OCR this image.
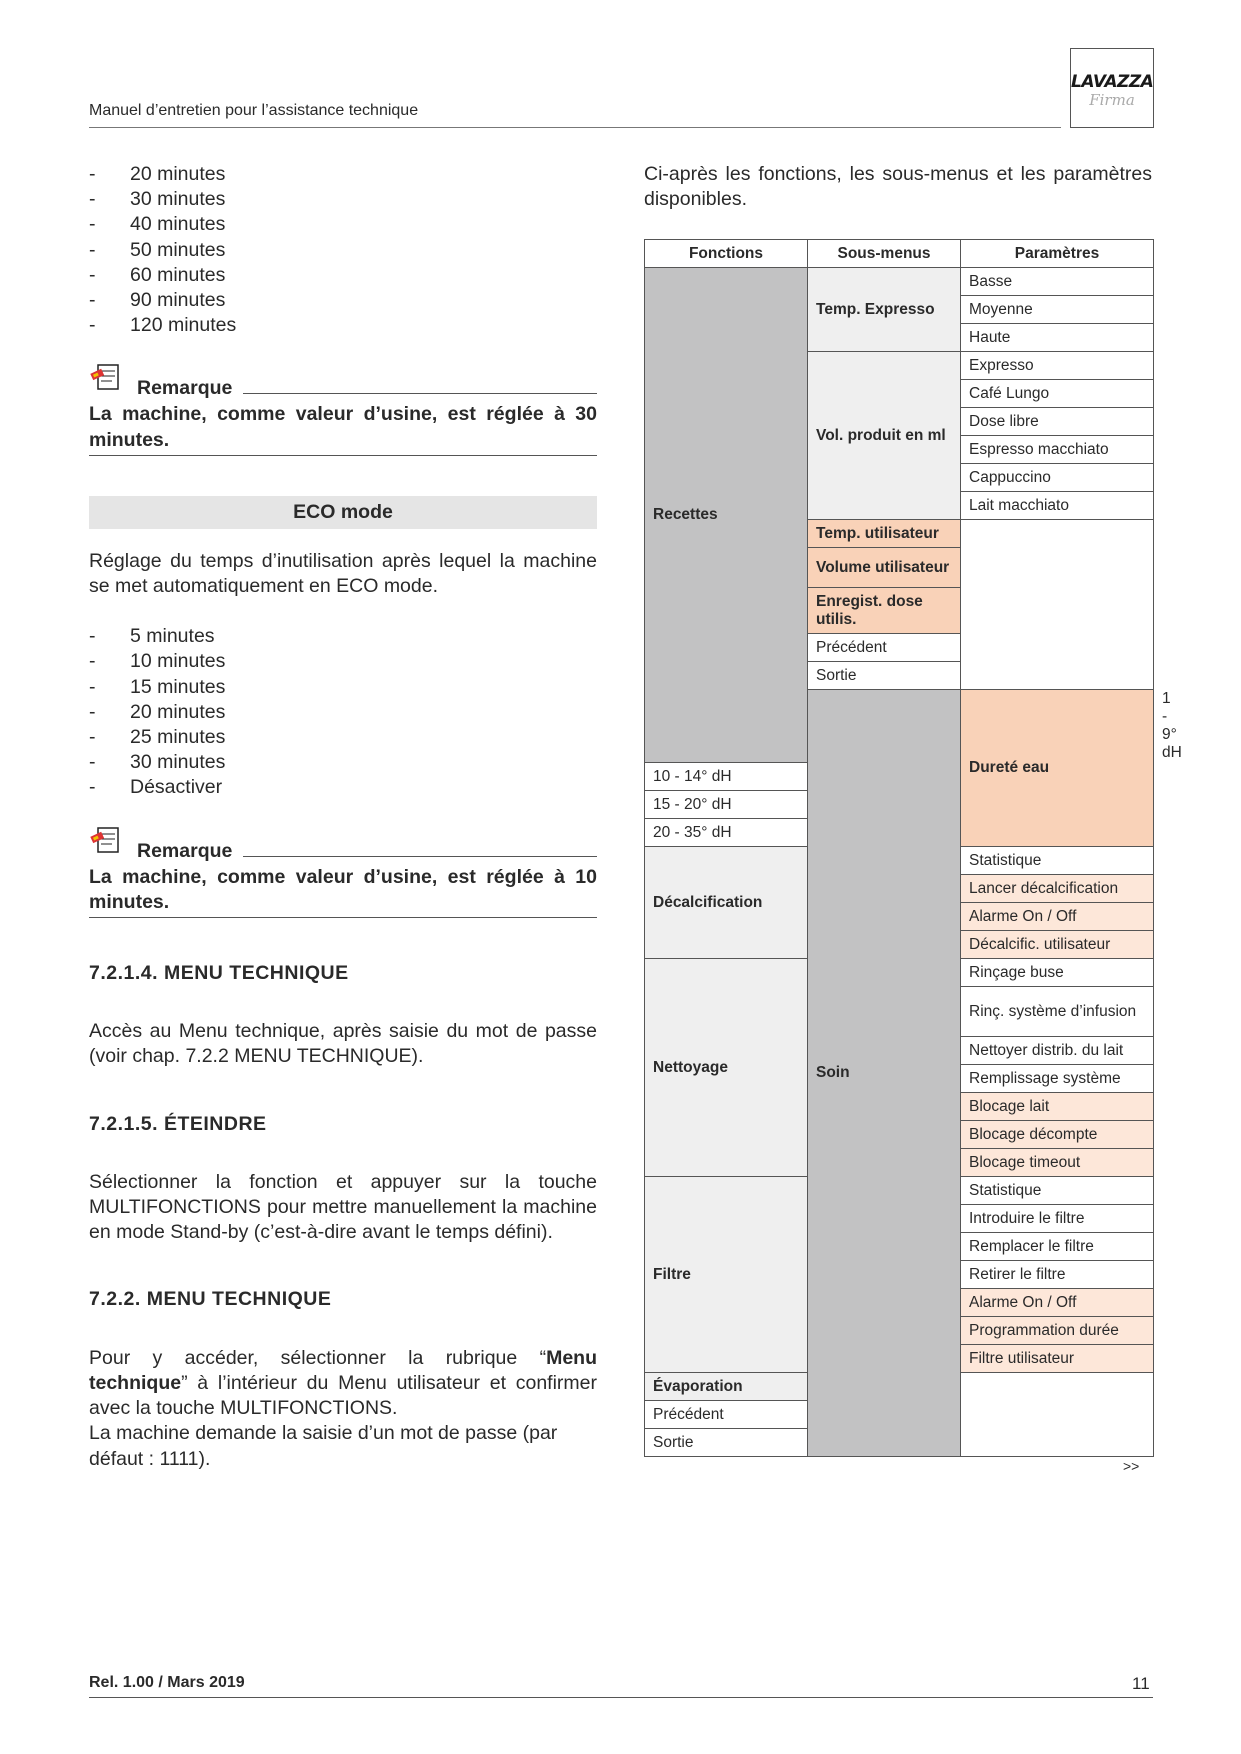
Manuel d’entretien pour l’assistance technique
LAVAZZA
Firma
-	20 minutes
-	30 minutes
-	40 minutes
-	50 minutes
-	60 minutes
-	90 minutes
-	120 minutes
Remarque
La machine, comme valeur d’usine, est réglée à 30 minutes.
ECO mode
Réglage du temps d’inutilisation après lequel la machine se met automatiquement en ECO mode.
-	5 minutes
-	10 minutes
-	15 minutes
-	20 minutes
-	25 minutes
-	30 minutes
-	Désactiver
Remarque
La machine, comme valeur d’usine, est réglée à 10 minutes.
7.2.1.4. MENU TECHNIQUE
Accès au Menu technique, après saisie du mot de passe (voir chap. 7.2.2 MENU TECHNIQUE).
7.2.1.5. ÉTEINDRE
Sélectionner la fonction et appuyer sur la touche MULTIFONCTIONS pour mettre manuellement la machine en mode Stand-by (c’est-à-dire avant le temps défini).
7.2.2. MENU TECHNIQUE
Pour y accéder, sélectionner la rubrique “Menu technique” à l’intérieur du Menu utilisateur et confirmer avec la touche MULTIFONCTIONS.
La machine demande la saisie d’un mot de passe (par défaut : 1111).
Ci-après les fonctions, les sous-menus et les paramètres disponibles.
Fonctions	Sous-menus	Paramètres	
Recettes	Temp. Expresso	Basse	
		Moyenne	
		Haute	
	Vol. produit en ml	Expresso	
		Café Lungo	
		Dose libre	
		Espresso macchiato	
		Cappuccino	
		Lait macchiato	
	Temp. utilisateur		
	Volume utilisateur		
	Enregist. dose utilis.		
	Précédent		
	Sortie		
	Soin	Dureté eau	1 - 9° dH
10 - 14° dH			
15 - 20° dH			
20 - 35° dH			
Décalcification		Statistique	
		Lancer décalcification	
		Alarme On / Off	
		Décalcific. utilisateur	
Nettoyage		Rinçage buse	
		Rinç. système d’infusion	
		Nettoyer distrib. du lait	
		Remplissage système	
		Blocage lait	
		Blocage décompte	
		Blocage timeout	
Filtre		Statistique	
		Introduire le filtre	
		Remplacer le filtre	
		Retirer le filtre	
		Alarme On / Off	
		Programmation durée	
		Filtre utilisateur	
Évaporation			
Précédent			
Sortie			
>>
Rel. 1.00 / Mars 2019	11
